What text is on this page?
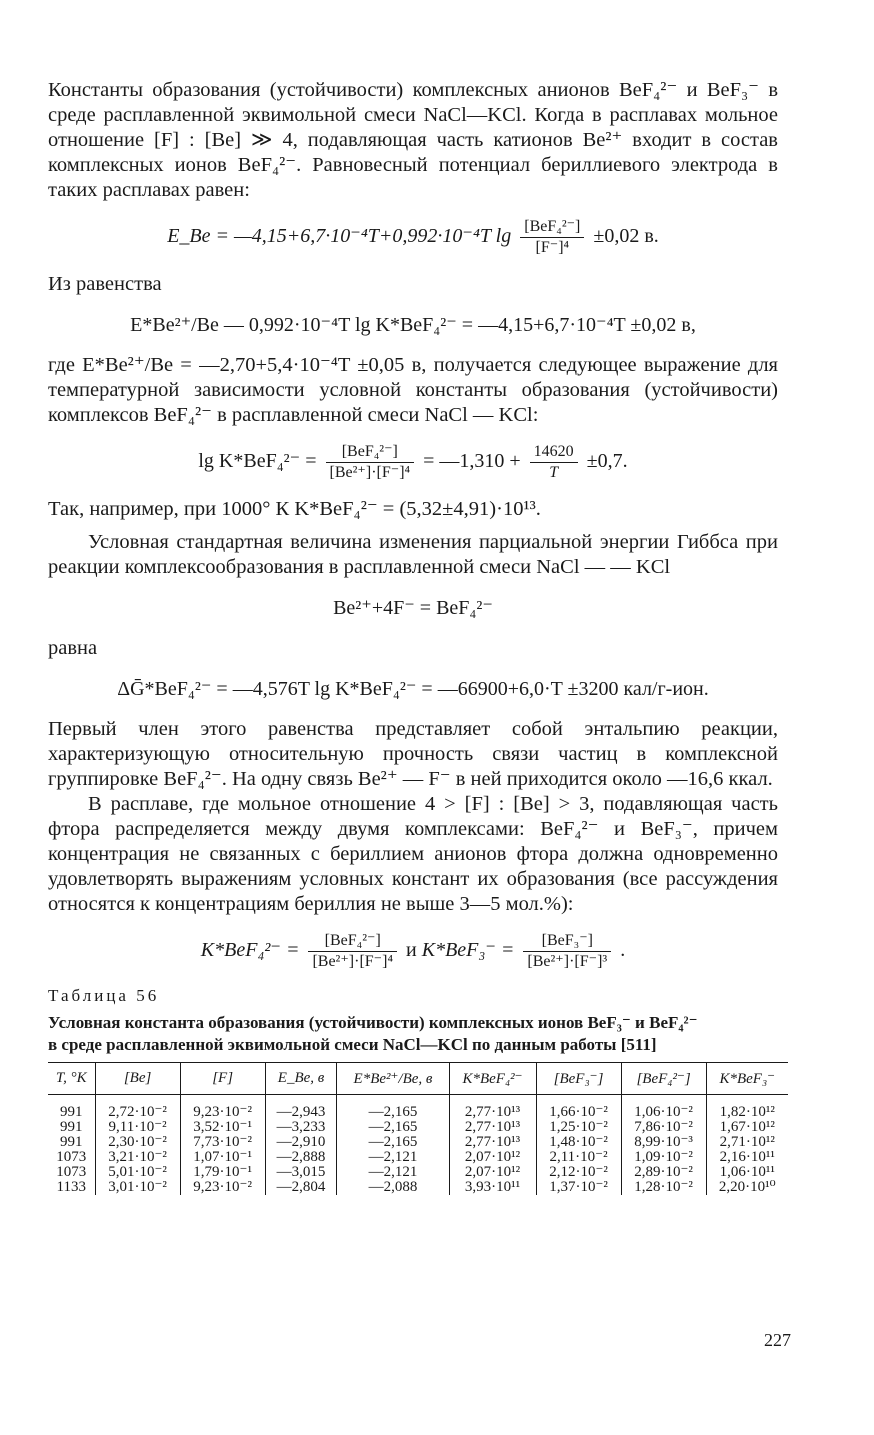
Константы образования (устойчивости) комплексных анионов BeF₄²⁻ и BeF₃⁻ в среде расплавленной эквимольной смеси NaCl—KCl. Когда в расплавах мольное отношение [F] : [Be] ≫ 4, подавляющая часть катионов Be²⁺ входит в состав комплексных ионов BeF₄²⁻. Равновесный потенциал бериллиевого электрода в таких расплавах равен:

E_Be = —4,15+6,7·10⁻⁴T+0,992·10⁻⁴T $\lg \frac{\text{[BeF₄²⁻]}}{\text{[F⁻]⁴}} \pm 0,02$ в.

Из равенства

E*Be²⁺/Be — 0,992·10⁻⁴T lg K*BeF₄²⁻ = —4,15+6,7·10⁻⁴T ±0,02 в,

где E*Be²⁺/Be = —2,70+5,4·10⁻⁴T ±0,05 в, получается следующее выражение для температурной зависимости условной константы образования (устойчивости) комплексов BeF₄²⁻ в расплавленной смеси NaCl — KCl:

$\lg K*BeF_4^{2-} = \frac{\text{[BeF₄²⁻]}}{\text{[Be²⁺]·[F⁻]⁴}}$ = —1,310 + $\frac{14620}{T} \pm 0,7$.

Так, например, при 1000° К K*BeF₄²⁻ = (5,32±4,91)·10¹³.

Условная стандартная величина изменения парциальной энергии Гиббса при реакции комплексообразования в расплавленной смеси NaCl — — KCl

Be²⁺+4F⁻ = BeF₄²⁻

равна

ΔḠ*BeF₄²⁻ = —4,576T lg K*BeF₄²⁻ = —66900+6,0·T ±3200 кал/г-ион.

Первый член этого равенства представляет собой энтальпию реакции, характеризующую относительную прочность связи частиц в комплексной группировке BeF₄²⁻. На одну связь Be²⁺ — F⁻ в ней приходится около —16,6 ккал.

В расплаве, где мольное отношение 4 > [F] : [Be] > 3, подавляющая часть фтора распределяется между двумя комплексами: BeF₄²⁻ и BeF₃⁻, причем концентрация не связанных с бериллием анионов фтора должна одновременно удовлетворять выражениям условных констант их образования (все рассуждения относятся к концентрациям бериллия не выше 3—5 мол.%):

$K*BeF_4^{2-} = \frac{\text{[BeF₄²⁻]}}{\text{[Be²⁺]·[F⁻]⁴}}$ и $K*BeF_3^- = \frac{\text{[BeF₃⁻]}}{\text{[Be²⁺]·[F⁻]³}}$ .
Таблица 56
Условная константа образования (устойчивости) комплексных ионов BeF₃⁻ и BeF₄²⁻ в среде расплавленной эквимольной смеси NaCl—KCl по данным работы [511]
T, °K	[Be]	[F]	E_Be, в	E*Be²⁺/Be, в	K*BeF₄²⁻	[BeF₃⁻]	[BeF₄²⁻]	K*BeF₃⁻
991	2,72·10⁻²	9,23·10⁻²	—2,943	—2,165	2,77·10¹³	1,66·10⁻²	1,06·10⁻²	1,82·10¹²
991	9,11·10⁻²	3,52·10⁻¹	—3,233	—2,165	2,77·10¹³	1,25·10⁻²	7,86·10⁻²	1,67·10¹²
991	2,30·10⁻²	7,73·10⁻²	—2,910	—2,165	2,77·10¹³	1,48·10⁻²	8,99·10⁻³	2,71·10¹²
1073	3,21·10⁻²	1,07·10⁻¹	—2,888	—2,121	2,07·10¹²	2,11·10⁻²	1,09·10⁻²	2,16·10¹¹
1073	5,01·10⁻²	1,79·10⁻¹	—3,015	—2,121	2,07·10¹²	2,12·10⁻²	2,89·10⁻²	1,06·10¹¹
1133	3,01·10⁻²	9,23·10⁻²	—2,804	—2,088	3,93·10¹¹	1,37·10⁻²	1,28·10⁻²	2,20·10¹⁰
227
